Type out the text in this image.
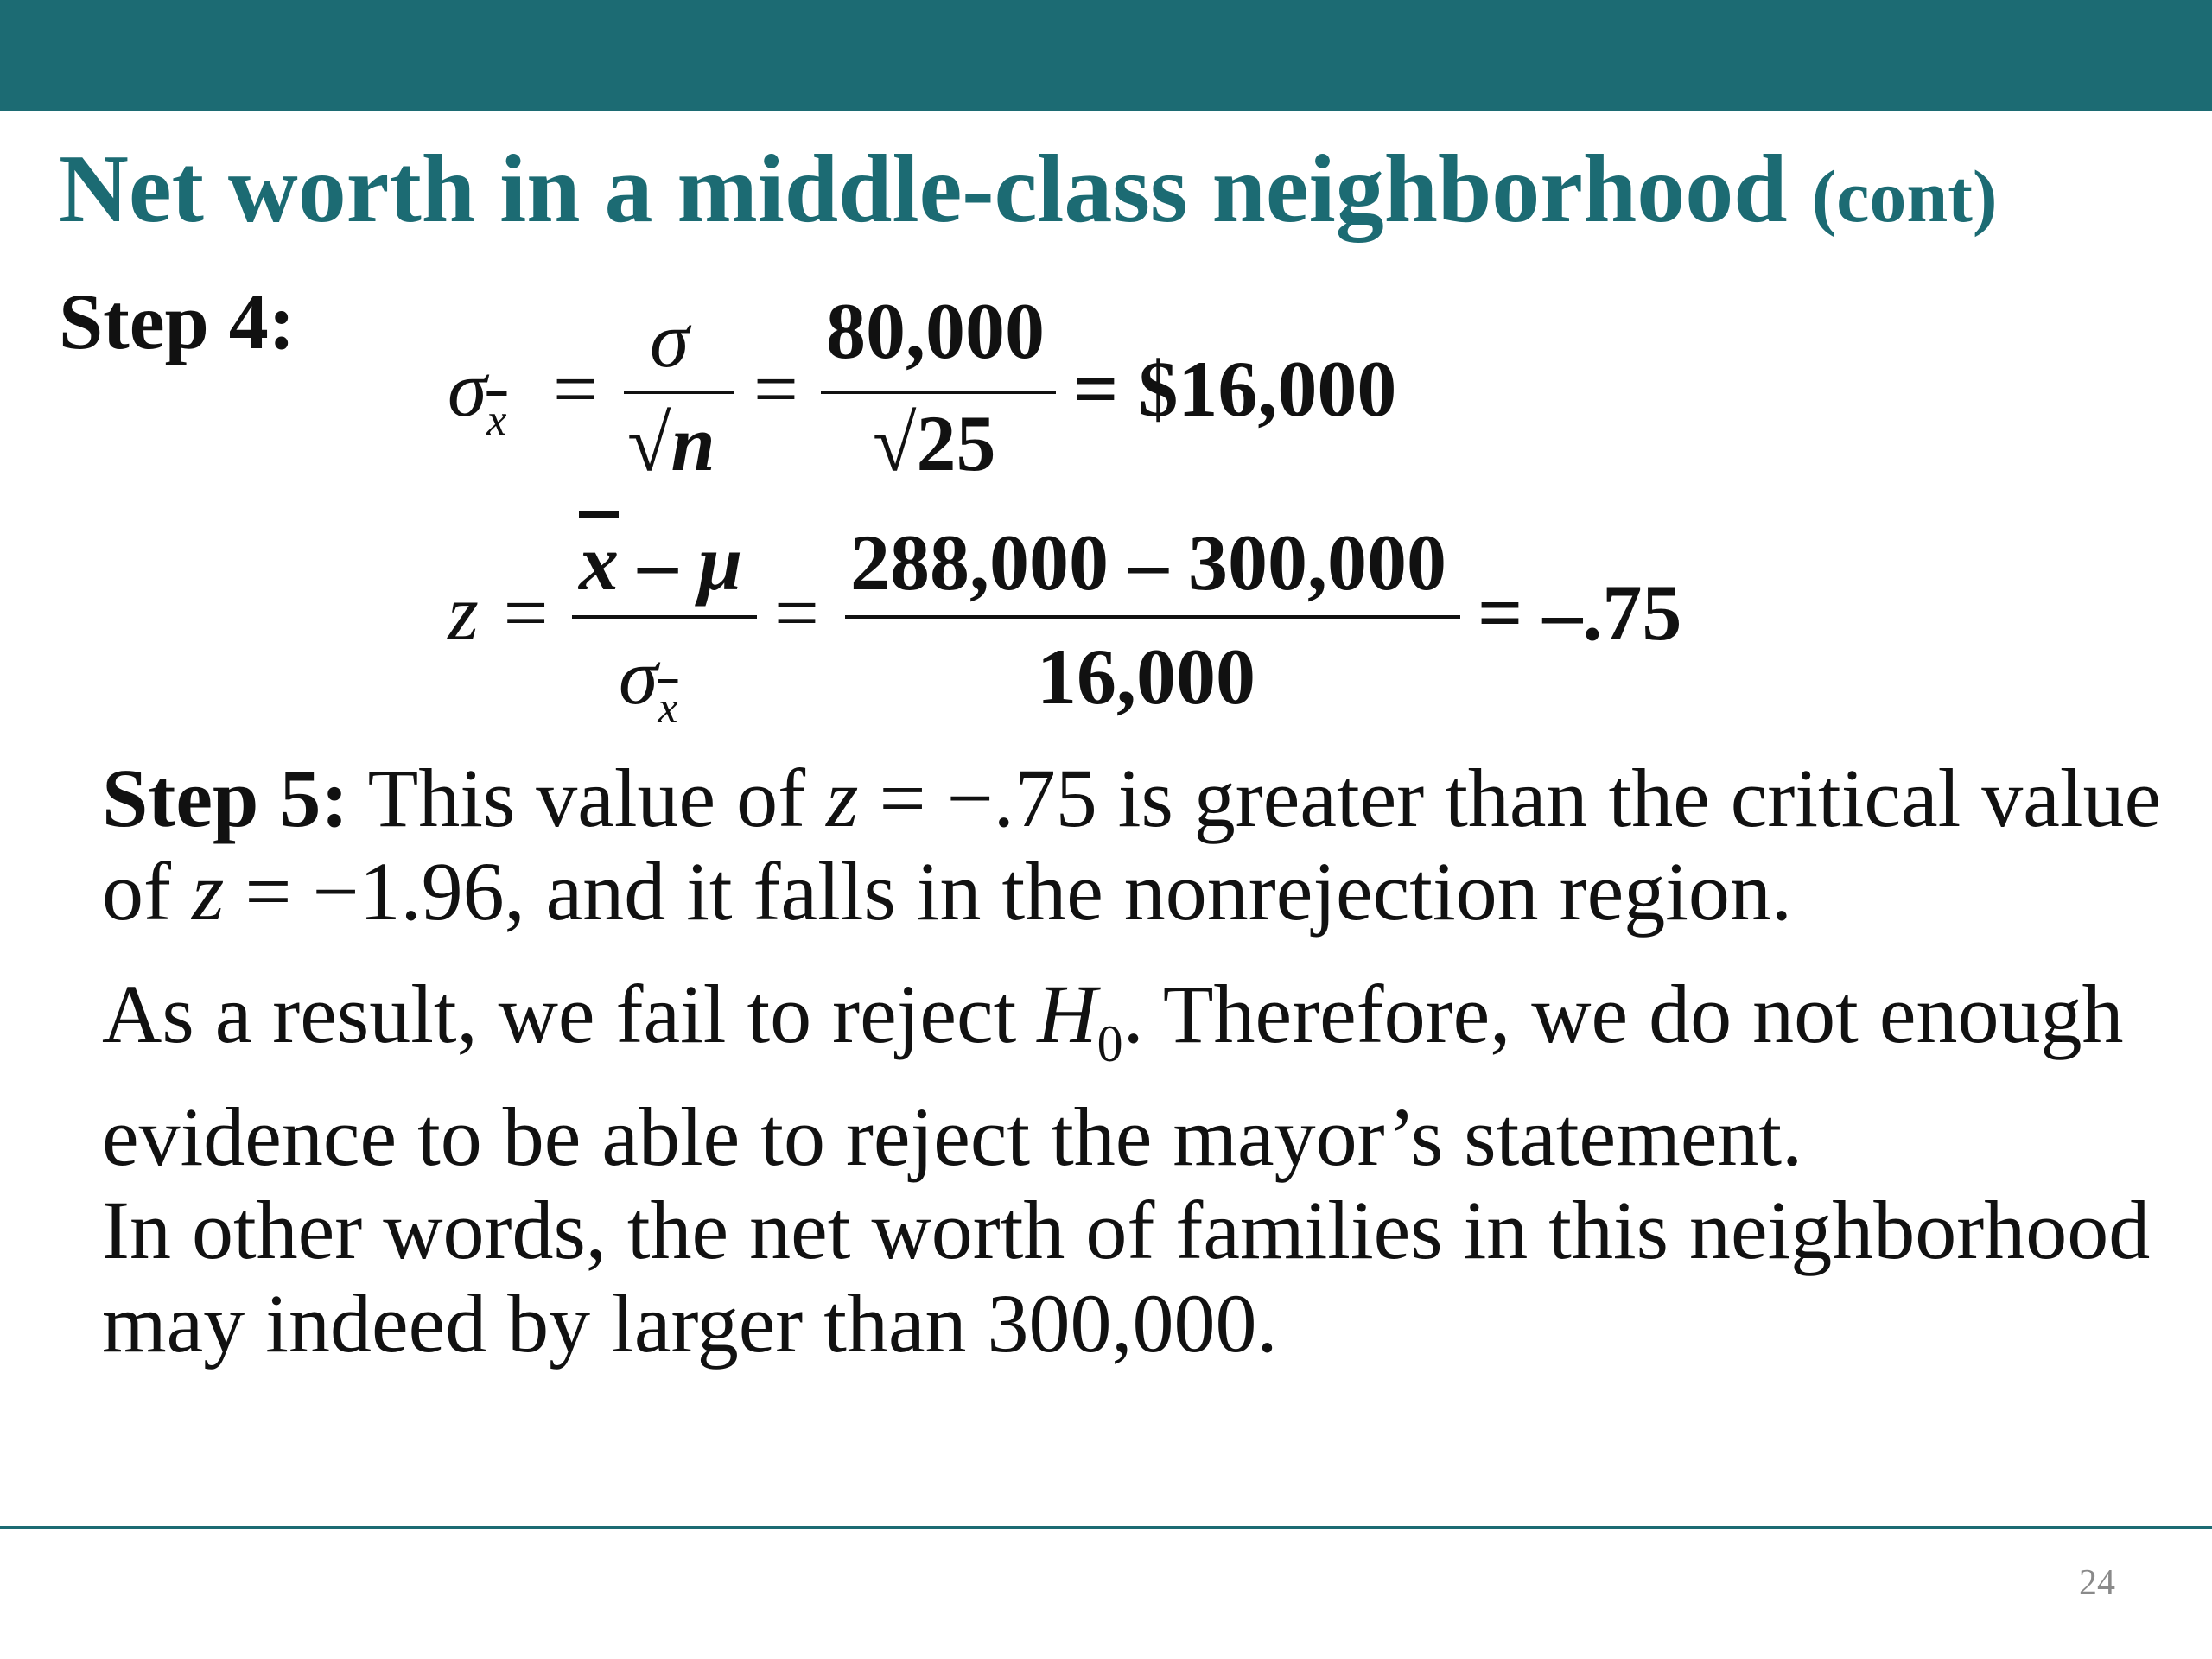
Net worth in a middle-class neighborhood (cont)
Step 4:
$\sigma_{\overline{x}}$ =
σ
√n
=
80,000
√25
= $16,000
z =
$\overline{x}$ – μ
$\sigma_{\overline{x}}$
=
288,000 – 300,000
16,000
= –.75

Step 5: This value of z = −.75 is greater than the critical value of z = −1.96, and it falls in the nonrejection region.

As a result, we fail to reject $H_0$. Therefore, we do not enough evidence to be able to reject the mayor’s statement.

In other words, the net worth of families in this neighborhood may indeed by larger than 300,000.

24
